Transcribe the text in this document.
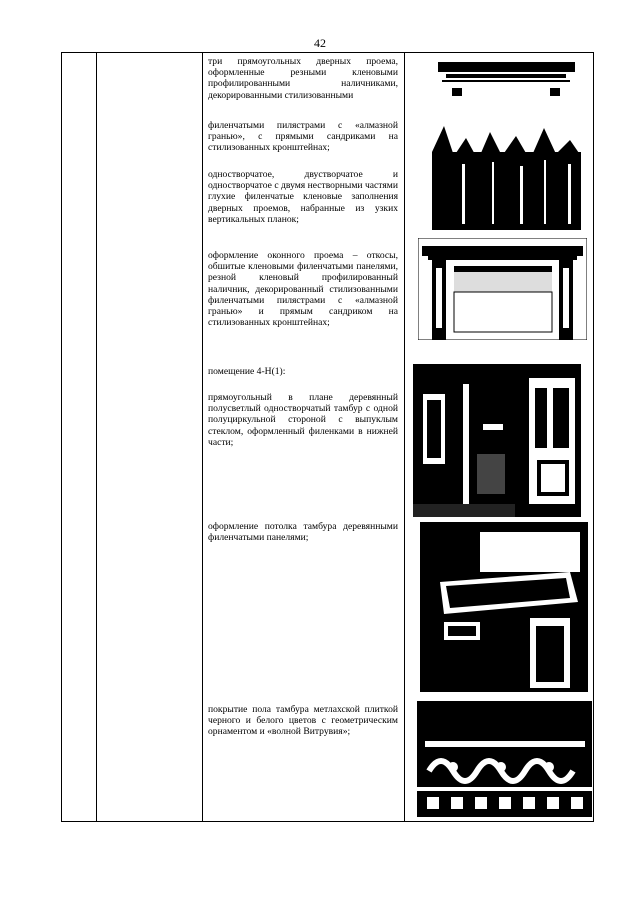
42
три прямоугольных дверных проема, оформленные резными кленовыми профилированными наличниками, декорированными стилизованными
филенчатыми пилястрами с «алмазной гранью», с прямыми сандриками на стилизованных кронштейнах;
одностворчатое, двустворчатое и одностворчатое с двумя нестворными частями глухие филенчатые кленовые заполнения дверных проемов, набранные из узких вертикальных планок;
оформление оконного проема – откосы, обшитые кленовыми филенчатыми панелями, резной кленовый профилированный наличник, декорированный стилизованными филенчатыми пилястрами с «алмазной гранью» и прямым сандриком на стилизованных кронштейнах;
помещение 4-Н(1):
прямоугольный в плане деревянный полусветлый одностворчатый тамбур с одной полуциркульной стороной с выпуклым стеклом, оформленный филенками в нижней части;
оформление потолка тамбура деревянными филенчатыми панелями;
покрытие пола тамбура метлахской плиткой черного и белого цветов с геометрическим орнаментом и «волной Витрувия»;
